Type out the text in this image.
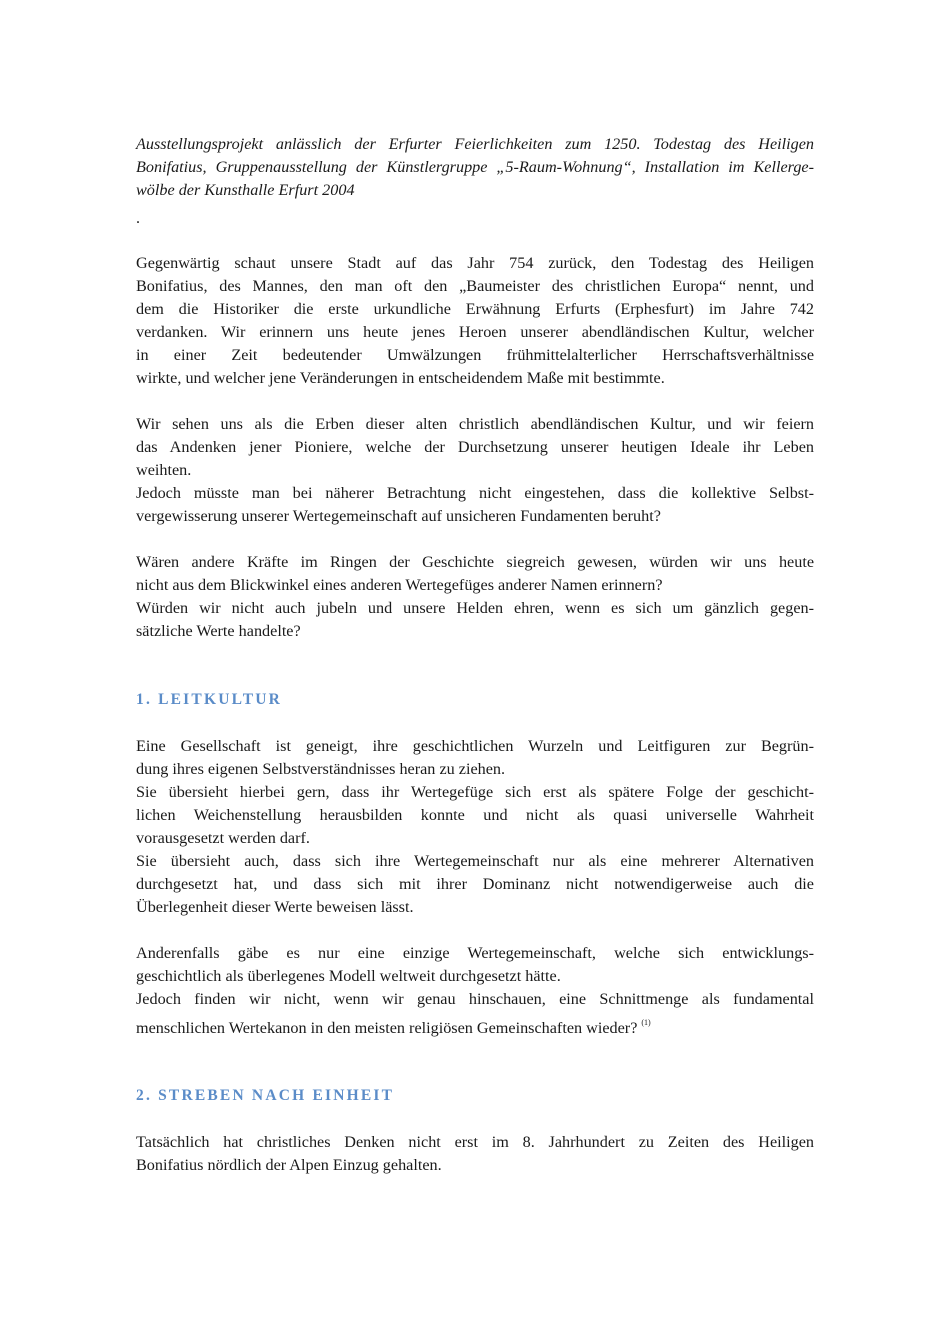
Ausstellungsprojekt anlässlich der Erfurter Feierlichkeiten zum 1250. Todestag des Heiligen
Bonifatius, Gruppenausstellung der Künstlergruppe „5-Raum-Wohnung“, Installation im Kellerge-
wölbe der Kunsthalle Erfurt 2004
.

Gegenwärtig schaut unsere Stadt auf das Jahr 754 zurück, den Todestag des Heiligen
Bonifatius, des Mannes, den man oft den „Baumeister des christlichen Europa“ nennt, und
dem die Historiker die erste urkundliche Erwähnung Erfurts (Erphesfurt) im Jahre 742
verdanken. Wir erinnern uns heute jenes Heroen unserer abendländischen Kultur, welcher
in einer Zeit bedeutender Umwälzungen frühmittelalterlicher Herrschaftsverhältnisse
wirkte, und welcher jene Veränderungen in entscheidendem Maße mit bestimmte.

Wir sehen uns als die Erben dieser alten christlich abendländischen Kultur, und wir feiern
das Andenken jener Pioniere, welche der Durchsetzung unserer heutigen Ideale ihr Leben
weihten.

Jedoch müsste man bei näherer Betrachtung nicht eingestehen, dass die kollektive Selbst-
vergewisserung unserer Wertegemeinschaft auf unsicheren Fundamenten beruht?

Wären andere Kräfte im Ringen der Geschichte siegreich gewesen, würden wir uns heute
nicht aus dem Blickwinkel eines anderen Wertegefüges anderer Namen erinnern?

Würden wir nicht auch jubeln und unsere Helden ehren, wenn es sich um gänzlich gegen-
sätzliche Werte handelte?

1. LEITKULTUR

Eine Gesellschaft ist geneigt, ihre geschichtlichen Wurzeln und Leitfiguren zur Begrün-
dung ihres eigenen Selbstverständnisses heran zu ziehen.

Sie übersieht hierbei gern, dass ihr Wertegefüge sich erst als spätere Folge der geschicht-
lichen Weichenstellung herausbilden konnte und nicht als quasi universelle Wahrheit
vorausgesetzt werden darf.

Sie übersieht auch, dass sich ihre Wertegemeinschaft nur als eine mehrerer Alternativen
durchgesetzt hat, und dass sich mit ihrer Dominanz nicht notwendigerweise auch die
Überlegenheit dieser Werte beweisen lässt.

Anderenfalls gäbe es nur eine einzige Wertegemeinschaft, welche sich entwicklungs-
geschichtlich als überlegenes Modell weltweit durchgesetzt hätte.

Jedoch finden wir nicht, wenn wir genau hinschauen, eine Schnittmenge als fundamental
menschlichen Wertekanon in den meisten religiösen Gemeinschaften wieder? $^{(1)}$

2. STREBEN NACH EINHEIT

Tatsächlich hat christliches Denken nicht erst im 8. Jahrhundert zu Zeiten des Heiligen
Bonifatius nördlich der Alpen Einzug gehalten.
